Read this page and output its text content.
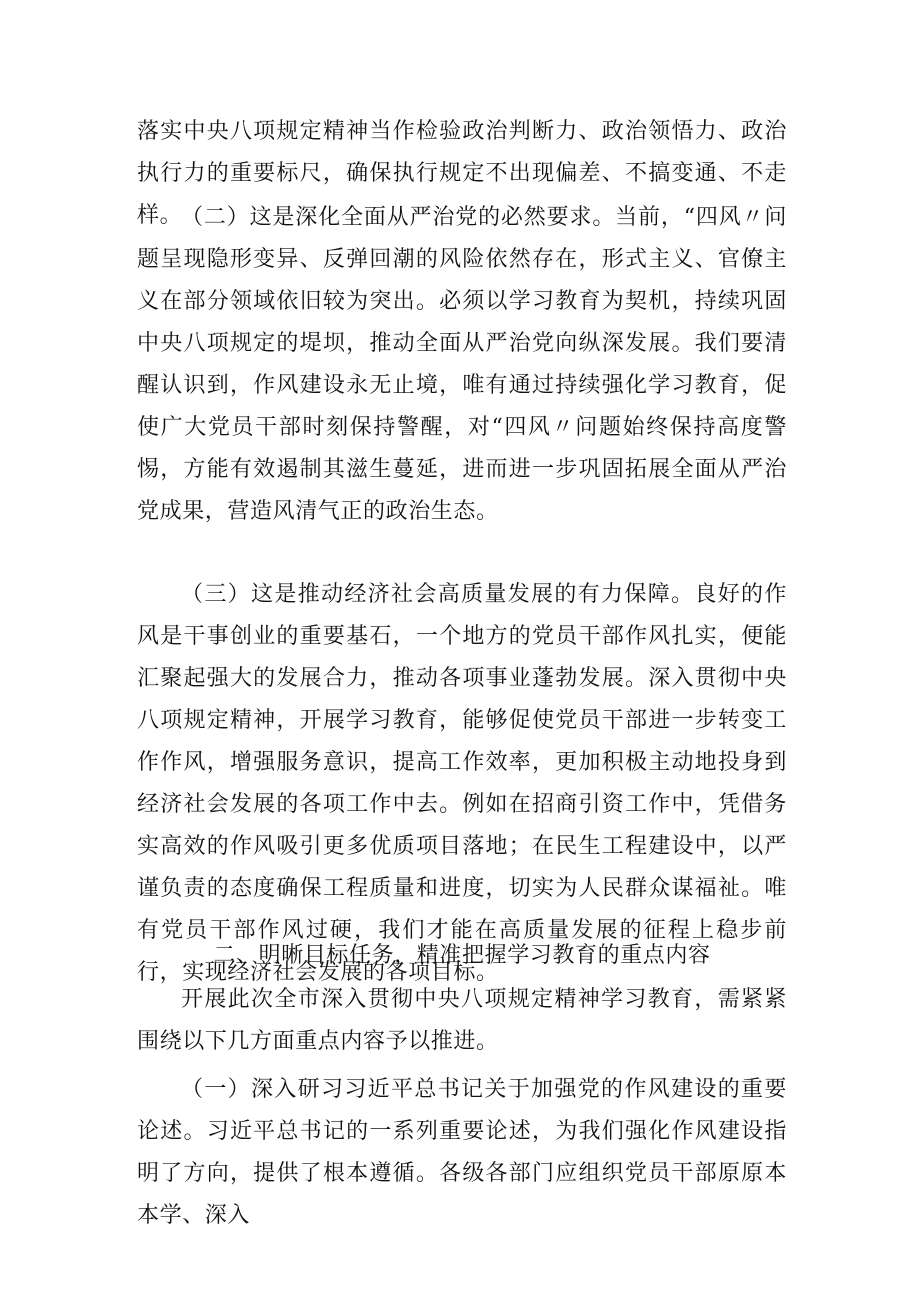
落实中央八项规定精神当作检验政治判断力、政治领悟力、政治执行力的重要标尺，确保执行规定不出现偏差、不搞变通、不走样。

（二）这是深化全面从严治党的必然要求。当前，“四风〃问题呈现隐形变异、反弹回潮的风险依然存在，形式主义、官僚主义在部分领域依旧较为突出。必须以学习教育为契机，持续巩固中央八项规定的堤坝，推动全面从严治党向纵深发展。我们要清醒认识到，作风建设永无止境，唯有通过持续强化学习教育，促使广大党员干部时刻保持警醒，对“四风〃问题始终保持高度警惕，方能有效遏制其滋生蔓延，进而进一步巩固拓展全面从严治党成果，营造风清气正的政治生态。

（三）这是推动经济社会高质量发展的有力保障。良好的作风是干事创业的重要基石，一个地方的党员干部作风扎实，便能汇聚起强大的发展合力，推动各项事业蓬勃发展。深入贯彻中央八项规定精神，开展学习教育，能够促使党员干部进一步转变工作作风，增强服务意识，提高工作效率，更加积极主动地投身到经济社会发展的各项工作中去。例如在招商引资工作中，凭借务实高效的作风吸引更多优质项目落地；在民生工程建设中，以严谨负责的态度确保工程质量和进度，切实为人民群众谋福祉。唯有党员干部作风过硬，我们才能在高质量发展的征程上稳步前行，实现经济社会发展的各项目标。

二、明晰目标任务，精准把握学习教育的重点内容

开展此次全市深入贯彻中央八项规定精神学习教育，需紧紧围绕以下几方面重点内容予以推进。

（一）深入研习习近平总书记关于加强党的作风建设的重要论述。习近平总书记的一系列重要论述，为我们强化作风建设指明了方向，提供了根本遵循。各级各部门应组织党员干部原原本本学、深入
